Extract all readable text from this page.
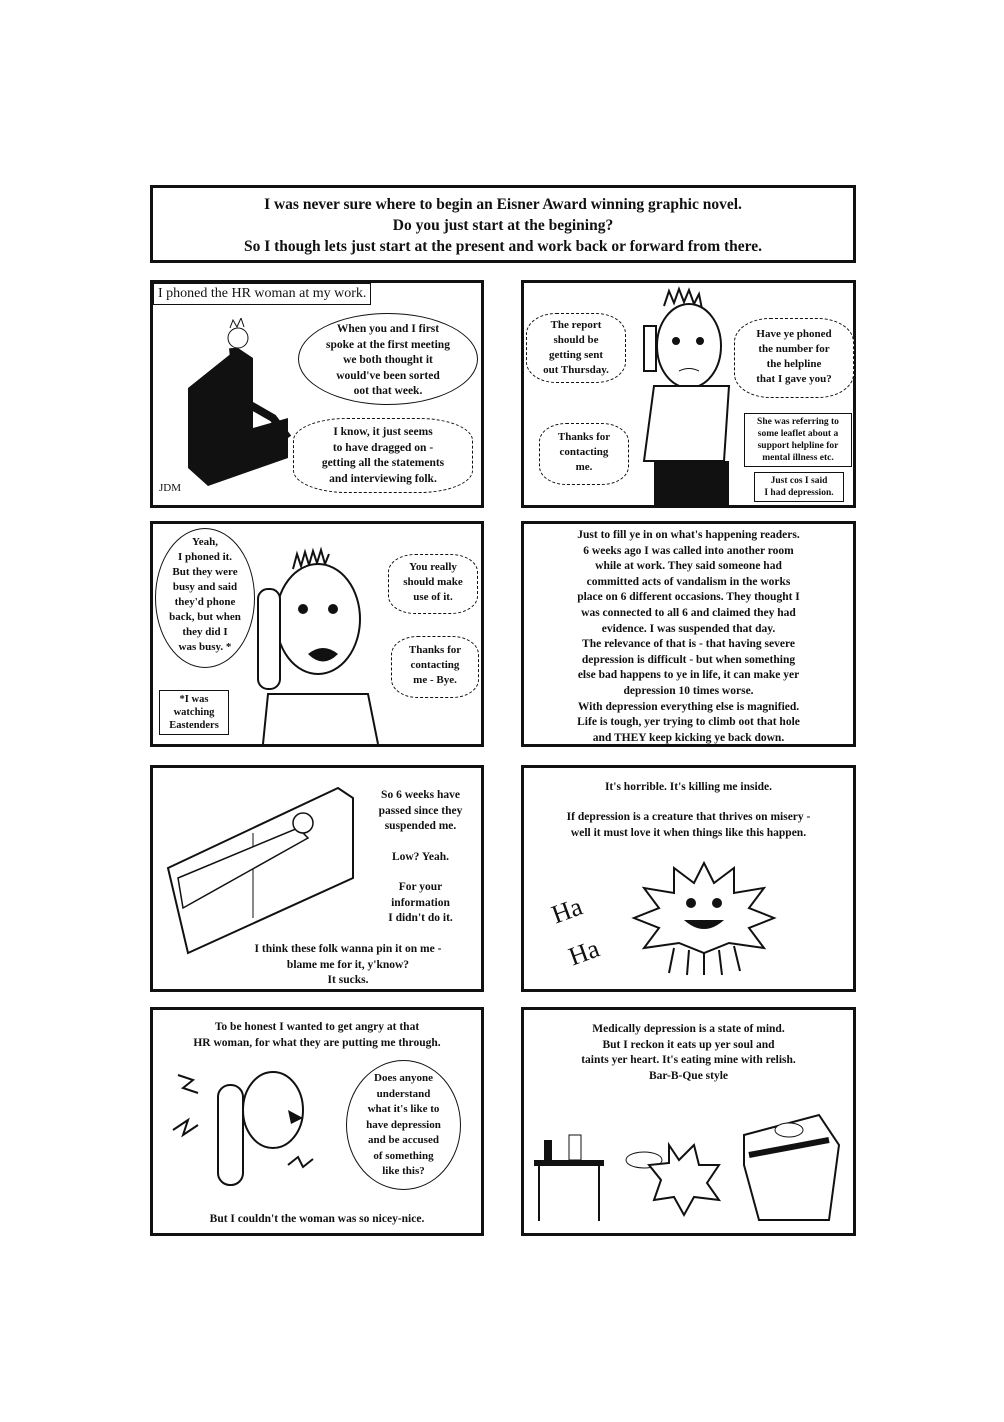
I was never sure where to begin an Eisner Award winning graphic novel.
Do you just start at the begining?
So I though lets just start at the present and work back or forward from there.
I phoned the HR woman at my work.
When you and I first
spoke at the first meeting
we both thought it
would've been sorted
oot that week.
I know, it just seems
to have dragged on -
getting all the statements
and interviewing folk.
JDM
The report
should be
getting sent
out Thursday.
Have ye phoned
the number for
the helpline
that I gave you?
Thanks for
contacting
me.
She was referring to
some leaflet about a
support helpline for
mental illness etc.
Just cos I said
I had depression.
Yeah,
I phoned it.
But they were
busy and said
they'd phone
back, but when
they did I
was busy. *
You really
should make
use of it.
Thanks for
contacting
me - Bye.
*I was
watching
Eastenders
Just to fill ye in on what's happening readers.
6 weeks ago I was called into another room
while at work. They said someone had
committed acts of vandalism in the works
place on 6 different occasions. They thought I
was connected to all 6 and claimed they had
evidence. I was suspended that day.
The relevance of that is - that having severe
depression is difficult - but when something
else bad happens to ye in life, it can make yer
depression 10 times worse.
With depression everything else is magnified.
Life is tough, yer trying to climb oot that hole
and THEY keep kicking ye back down.
So 6 weeks have
passed since they
suspended me.
Low? Yeah.
For your
information
I didn't do it.
I think these folk wanna pin it on me -
blame me for it, y'know?
It sucks.
It's horrible. It's killing me inside.
If depression is a creature that thrives on misery -
well it must love it when things like this happen.
Ha
Ha
To be honest I wanted to get angry at that
HR woman, for what they are putting me through.
Does anyone
understand
what it's like to
have depression
and be accused
of something
like this?
But I couldn't the woman was so nicey-nice.
Medically depression is a state of mind.
But I reckon it eats up yer soul and
taints yer heart. It's eating mine with relish.
Bar-B-Que style
